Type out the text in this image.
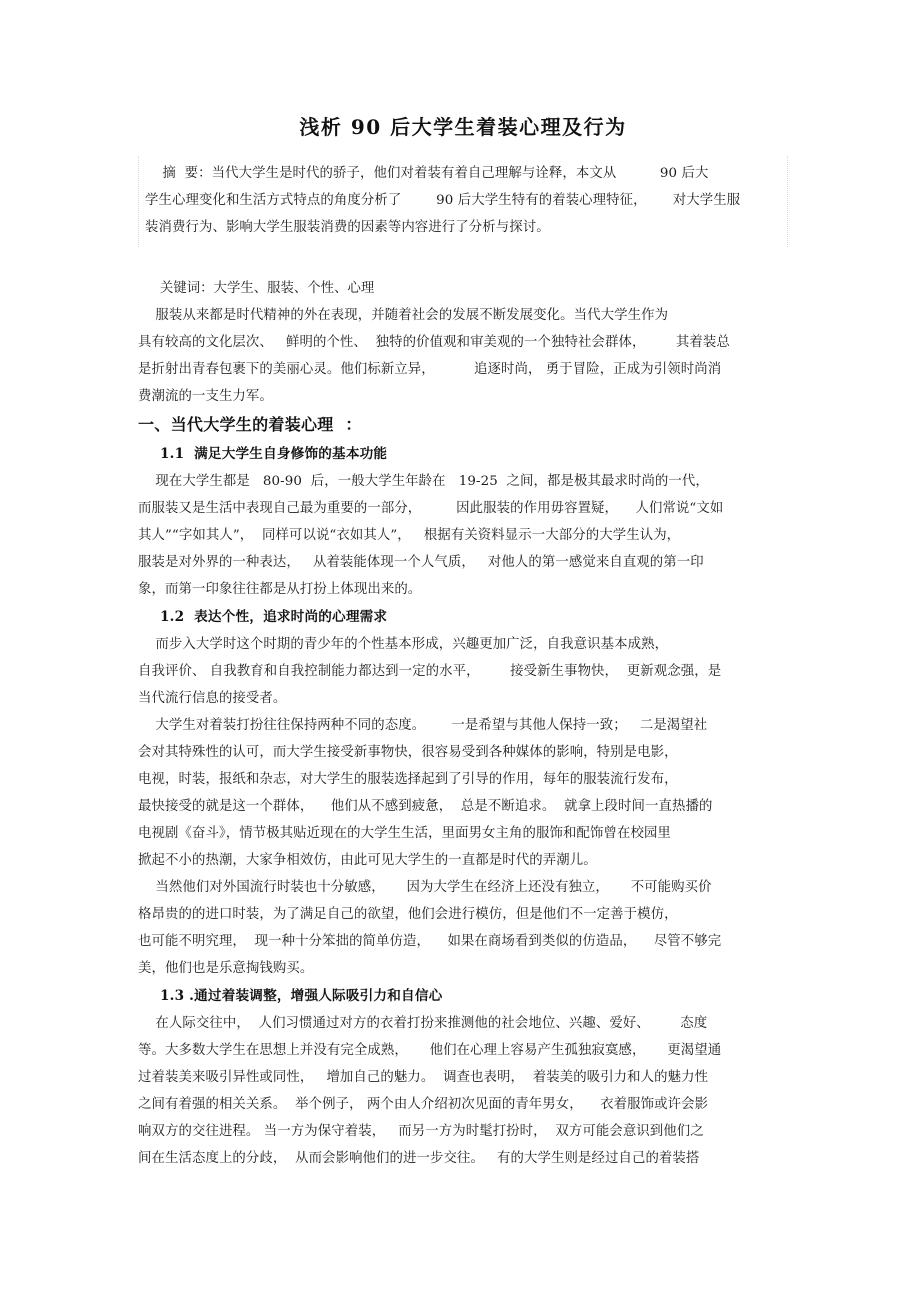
浅析 90 后大学生着装心理及行为

摘  要：当代大学生是时代的骄子，他们对着装有着自己理解与诠释，本文从          90 后大

学生心理变化和生活方式特点的角度分析了        90 后大学生特有的着装心理特征，      对大学生服

装消费行为、影响大学生服装消费的因素等内容进行了分析与探讨。

关键词：大学生、服装、个性、心理

服装从来都是时代精神的外在表现，并随着社会的发展不断发展变化。当代大学生作为

具有较高的文化层次、   鲜明的个性、  独特的价值观和审美观的一个独特社会群体，       其着装总

是折射出青春包裹下的美丽心灵。他们标新立异，         追逐时尚， 勇于冒险，正成为引领时尚消

费潮流的一支生力军。

一、当代大学生的着装心理  ：
1.1  满足大学生自身修饰的基本功能

现在大学生都是   80-90  后，一般大学生年龄在   19-25  之间，都是极其最求时尚的一代，

而服装又是生活中表现自己最为重要的一部分，        因此服装的作用毋容置疑，    人们常说“文如

其人”“字如其人”，  同样可以说“衣如其人”，   根据有关资料显示一大部分的大学生认为，

服装是对外界的一种表达，   从着装能体现一个人气质，   对他人的第一感觉来自直观的第一印

象，而第一印象往往都是从打扮上体现出来的。

1.2  表达个性，追求时尚的心理需求

而步入大学时这个时期的青少年的个性基本形成，兴趣更加广泛，自我意识基本成熟，

自我评价、 自我教育和自我控制能力都达到一定的水平，       接受新生事物快，  更新观念强，是

当代流行信息的接受者。

大学生对着装打扮往往保持两种不同的态度。      一是希望与其他人保持一致；   二是渴望社

会对其特殊性的认可，而大学生接受新事物快，很容易受到各种媒体的影响，特别是电影，

电视，时装，报纸和杂志，对大学生的服装选择起到了引导的作用，每年的服装流行发布，

最快接受的就是这一个群体，    他们从不感到疲惫，  总是不断追求。  就拿上段时间一直热播的

电视剧《奋斗》，情节极其贴近现在的大学生生活，里面男女主角的服饰和配饰曾在校园里

掀起不小的热潮，大家争相效仿，由此可见大学生的一直都是时代的弄潮儿。

当然他们对外国流行时装也十分敏感，     因为大学生在经济上还没有独立，     不可能购买价

格昂贵的的进口时装，为了满足自己的欲望，他们会进行模仿，但是他们不一定善于模仿，

也可能不明究理，  现一种十分笨拙的简单仿造，    如果在商场看到类似的仿造品，    尽管不够完

美，他们也是乐意掏钱购买。

1.3 .通过着装调整，增强人际吸引力和自信心

在人际交往中，  人们习惯通过对方的衣着打扮来推测他的社会地位、兴趣、爱好、       态度

等。大多数大学生在思想上并没有完全成熟，     他们在心理上容易产生孤独寂寞感，     更渴望通

过着装美来吸引异性或同性，   增加自己的魅力。  调查也表明，  着装美的吸引力和人的魅力性

之间有着强的相关关系。  举个例子， 两个由人介绍初次见面的青年男女，    衣着服饰或许会影

响双方的交往进程。 当一方为保守着装，   而另一方为时髦打扮时，  双方可能会意识到他们之

间在生活态度上的分歧，  从而会影响他们的进一步交往。   有的大学生则是经过自己的着装搭
